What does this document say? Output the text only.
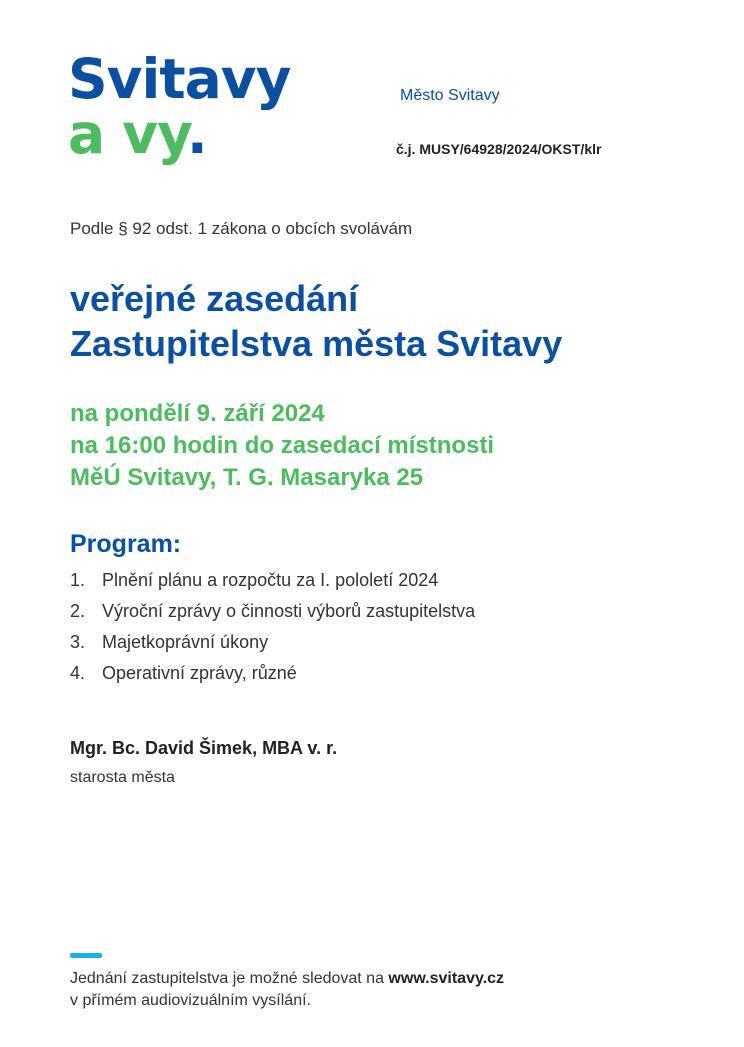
Svitavy
a vy.
Město Svitavy
č.j. MUSY/64928/2024/OKST/klr
Podle § 92 odst. 1 zákona o obcích svolávám
veřejné zasedání
Zastupitelstva města Svitavy
na pondělí 9. září 2024
na 16:00 hodin do zasedací místnosti
MěÚ Svitavy, T. G. Masaryka 25
Program:
1. Plnění plánu a rozpočtu za I. pololetí 2024
2. Výroční zprávy o činnosti výborů zastupitelstva
3. Majetkoprávní úkony
4. Operativní zprávy, různé
Mgr. Bc. David Šimek, MBA v. r.
starosta města
Jednání zastupitelstva je možné sledovat na www.svitavy.cz
v přímém audiovizuálním vysílání.
